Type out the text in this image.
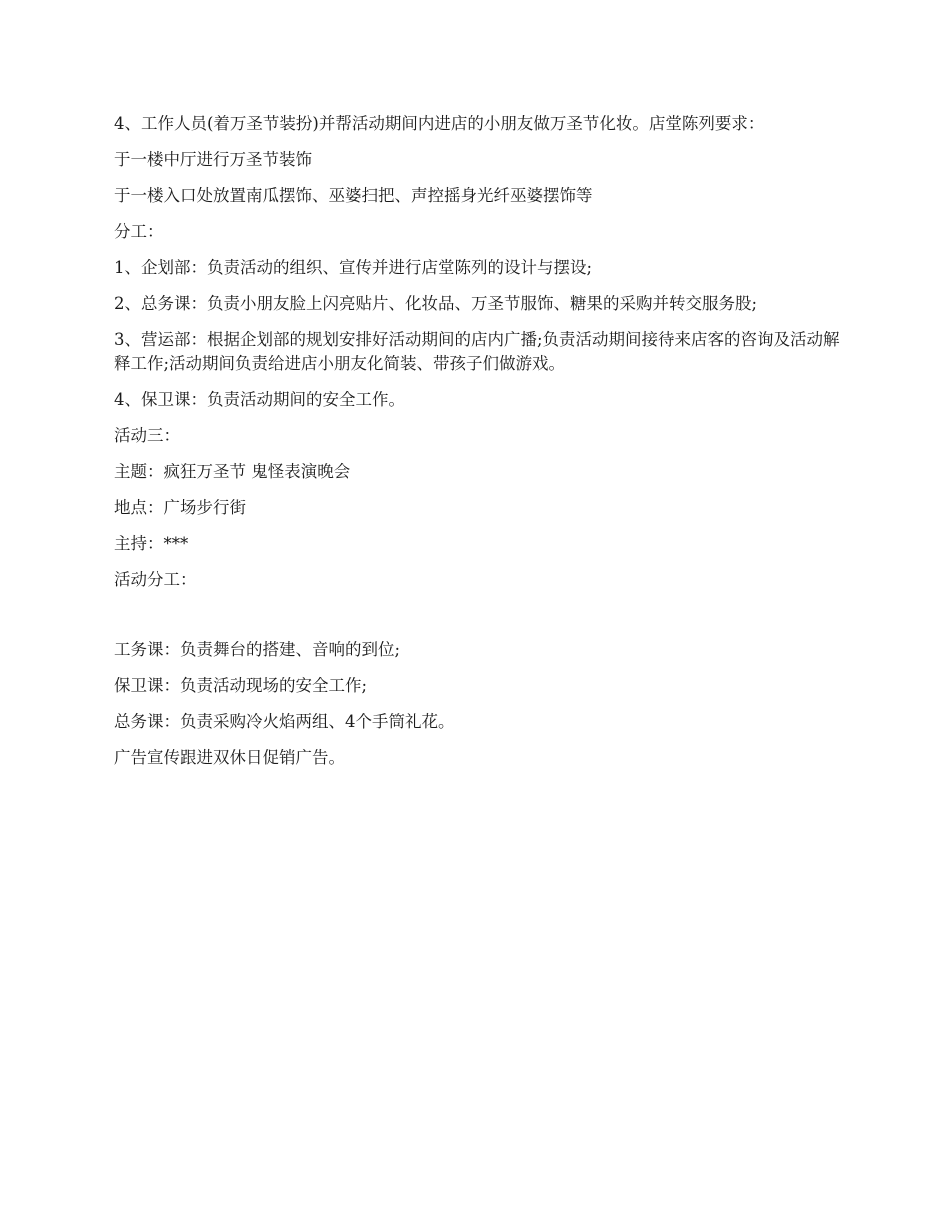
4、工作人员(着万圣节装扮)并帮活动期间内进店的小朋友做万圣节化妆。店堂陈列要求：

于一楼中厅进行万圣节装饰

于一楼入口处放置南瓜摆饰、巫婆扫把、声控摇身光纤巫婆摆饰等

分工：

1、企划部：负责活动的组织、宣传并进行店堂陈列的设计与摆设;

2、总务课：负责小朋友脸上闪亮贴片、化妆品、万圣节服饰、糖果的采购并转交服务股;

3、营运部：根据企划部的规划安排好活动期间的店内广播;负责活动期间接待来店客的咨询及活动解释工作;活动期间负责给进店小朋友化简装、带孩子们做游戏。

4、保卫课：负责活动期间的安全工作。

活动三：

主题：疯狂万圣节 鬼怪表演晚会

地点：广场步行街

主持：***

活动分工：

工务课：负责舞台的搭建、音响的到位;

保卫课：负责活动现场的安全工作;

总务课：负责采购冷火焰两组、4个手筒礼花。

广告宣传跟进双休日促销广告。
